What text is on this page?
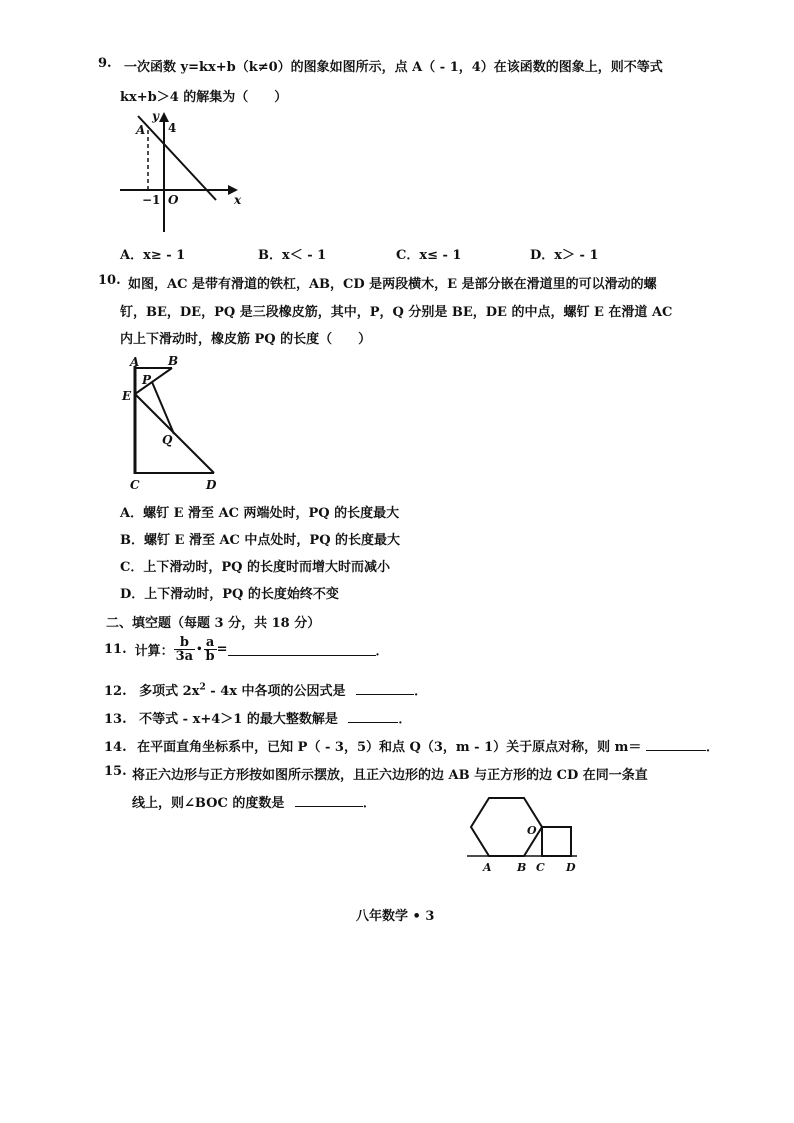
9. 一次函数 y=kx+b（k≠0）的图象如图所示，点 A（ - 1，4）在该函数的图象上，则不等式
kx+b＞4 的解集为（　　）
y
x
A 4
−1 O
A．x≥ - 1	B．x＜ - 1	C．x≤ - 1	D．x＞ - 1
10. 如图，AC 是带有滑道的铁杠，AB，CD 是两段横木，E 是部分嵌在滑道里的可以滑动的螺
钉，BE，DE，PQ 是三段橡皮筋，其中，P，Q 分别是 BE，DE 的中点，螺钉 E 在滑道 AC
内上下滑动时，橡皮筋 PQ 的长度（　　）
A B
P
E
Q
C	D
A．螺钉 E 滑至 AC 两端处时，PQ 的长度最大
B．螺钉 E 滑至 AC 中点处时，PQ 的长度最大
C．上下滑动时，PQ 的长度时而增大时而减小
D．上下滑动时，PQ 的长度始终不变
二、填空题（每题 3 分，共 18 分）
11. 计算： $\frac{b}{3a}$ • $\frac{a}{b}$ =	．
12. 多项式 $2x^2 - 4x$ 中各项的公因式是	．
13. 不等式 - x+4＞1 的最大整数解是	．
14. 在平面直角坐标系中，已知 P（ - 3，5）和点 Q（3，m - 1）关于原点对称，则 m＝	．
15. 将正六边形与正方形按如图所示摆放，且正六边形的边 AB 与正方形的边 CD 在同一条直
线上，则∠BOC 的度数是	．
O
A B C D
八年数学 • 3
